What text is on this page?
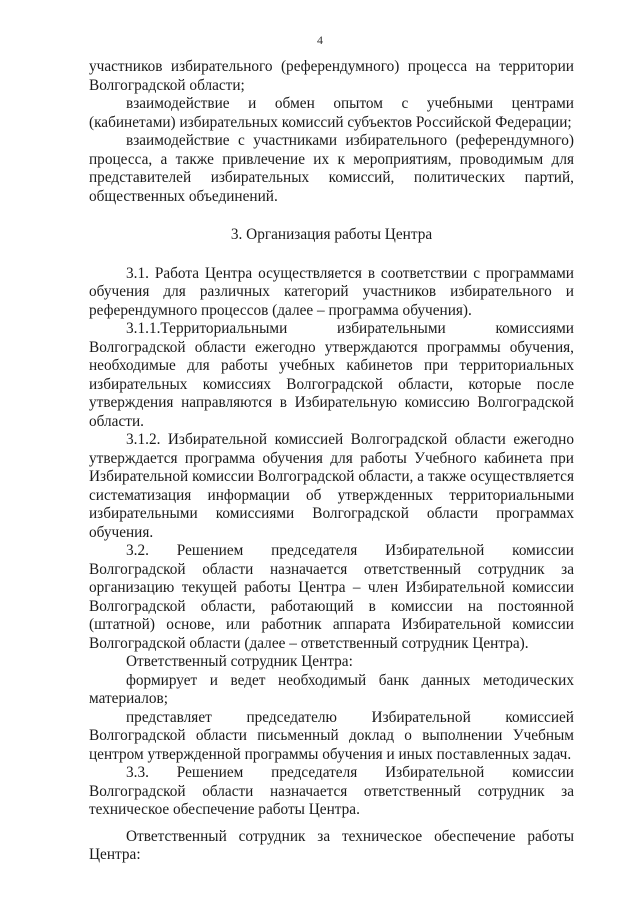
4

участников избирательного (референдумного) процесса на территории Волгоградской области;

взаимодействие и обмен опытом с учебными центрами (кабинетами) избирательных комиссий субъектов Российской Федерации;

взаимодействие с участниками избирательного (референдумного) процесса, а также привлечение их к мероприятиям, проводимым для представителей избирательных комиссий, политических партий, общественных объединений.

3. Организация работы Центра

3.1. Работа Центра осуществляется в соответствии с программами обучения для различных категорий участников избирательного и референдумного процессов (далее – программа обучения).

3.1.1.Территориальными избирательными комиссиями Волгоградской области ежегодно утверждаются программы обучения, необходимые для работы учебных кабинетов при территориальных избирательных комиссиях Волгоградской области, которые после утверждения направляются в Избирательную комиссию Волгоградской области.

3.1.2. Избирательной комиссией Волгоградской области ежегодно утверждается программа обучения для работы Учебного кабинета при Избирательной комиссии Волгоградской области, а также осуществляется систематизация информации об утвержденных территориальными избирательными комиссиями Волгоградской области программах обучения.

3.2. Решением председателя Избирательной комиссии Волгоградской области назначается ответственный сотрудник за организацию текущей работы Центра – член Избирательной комиссии Волгоградской области, работающий в комиссии на постоянной (штатной) основе, или работник аппарата Избирательной комиссии Волгоградской области (далее – ответственный сотрудник Центра).

Ответственный сотрудник Центра:

формирует и ведет необходимый банк данных методических материалов;

представляет председателю Избирательной комиссией Волгоградской области письменный доклад о выполнении Учебным центром утвержденной программы обучения и иных поставленных задач.

3.3. Решением председателя Избирательной комиссии Волгоградской области назначается ответственный сотрудник за техническое обеспечение работы Центра.

Ответственный сотрудник за техническое обеспечение работы Центра:
